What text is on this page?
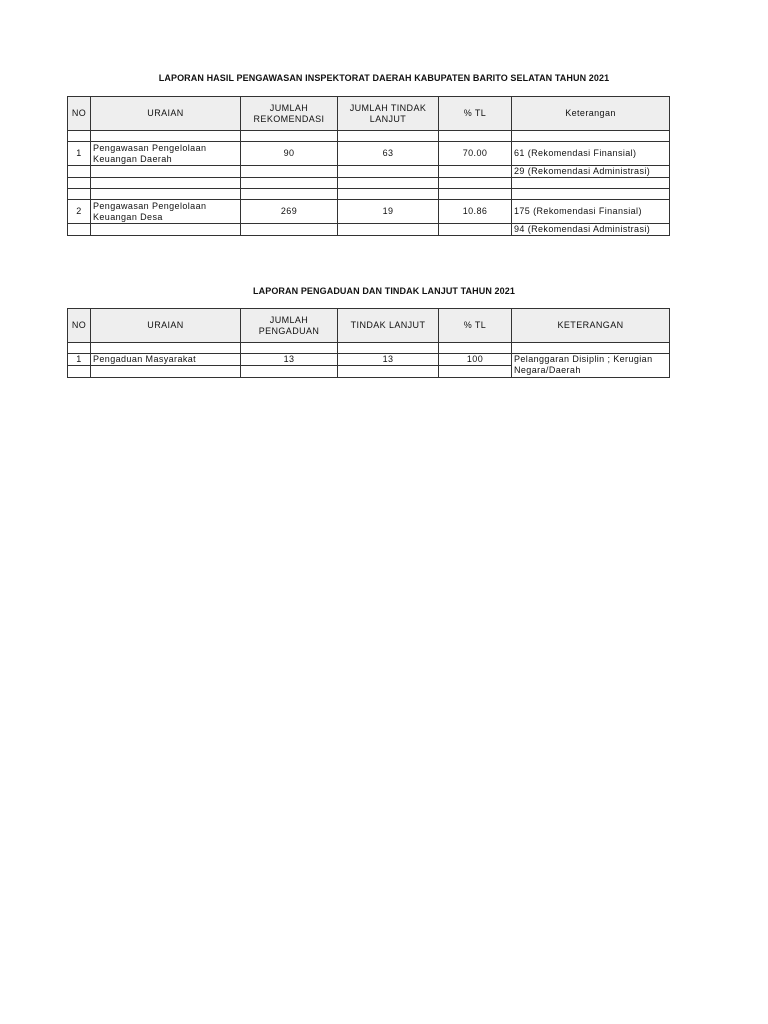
LAPORAN HASIL PENGAWASAN INSPEKTORAT DAERAH KABUPATEN BARITO SELATAN TAHUN 2021
NO	URAIAN	JUMLAH REKOMENDASI	JUMLAH TINDAK LANJUT	% TL	Keterangan

1	Pengawasan Pengelolaan Keuangan Daerah	90	63	70.00	61 (Rekomendasi Finansial)
					29 (Rekomendasi Administrasi)

2	Pengawasan Pengelolaan Keuangan Desa	269	19	10.86	175 (Rekomendasi Finansial)
					94 (Rekomendasi Administrasi)
LAPORAN PENGADUAN DAN TINDAK LANJUT TAHUN 2021
NO	URAIAN	JUMLAH PENGADUAN	TINDAK LANJUT	% TL	KETERANGAN

1	Pengaduan Masyarakat	13	13	100	Pelanggaran Disiplin ; Kerugian Negara/Daerah
